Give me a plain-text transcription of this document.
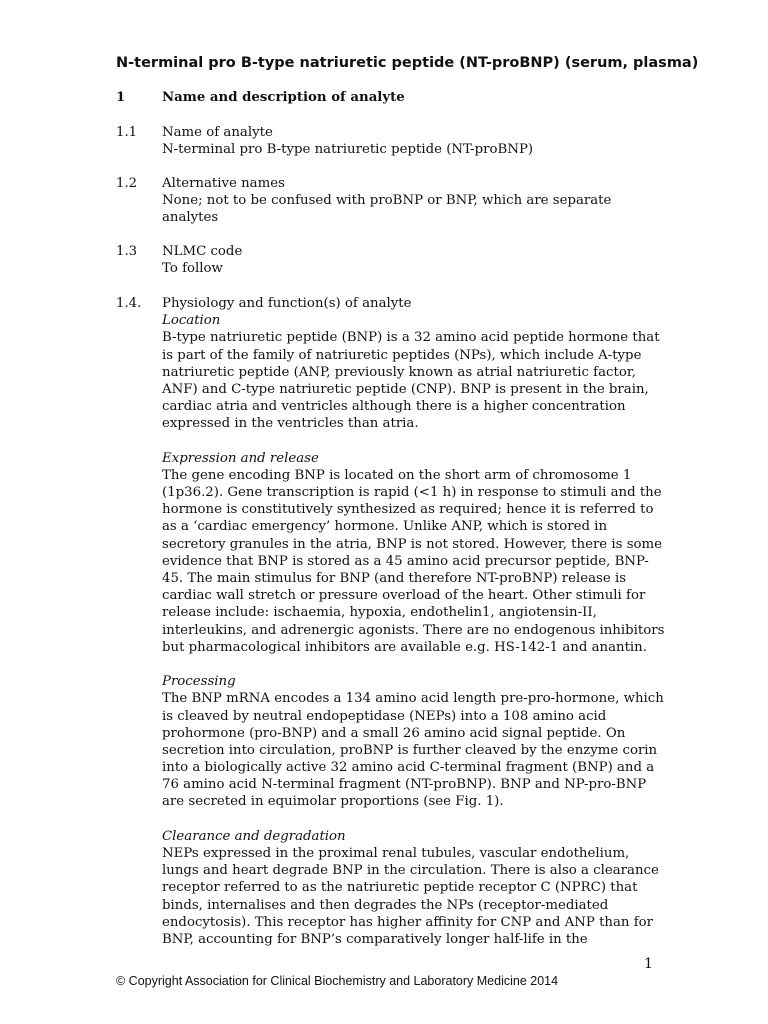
N-terminal pro B-type natriuretic peptide (NT-proBNP) (serum, plasma)
1	Name and description of analyte
1.1	Name of analyte
N-terminal pro B-type natriuretic peptide (NT-proBNP)
1.2	Alternative names
None; not to be confused with proBNP or BNP, which are separate
analytes
1.3	NLMC code
To follow
1.4.	Physiology and function(s) of analyte
Location
B-type natriuretic peptide (BNP) is a 32 amino acid peptide hormone that
is part of the family of natriuretic peptides (NPs), which include A-type
natriuretic peptide (ANP, previously known as atrial natriuretic factor,
ANF) and C-type natriuretic peptide (CNP). BNP is present in the brain,
cardiac atria and ventricles although there is a higher concentration
expressed in the ventricles than atria.
Expression and release
The gene encoding BNP is located on the short arm of chromosome 1
(1p36.2). Gene transcription is rapid (<1 h) in response to stimuli and the
hormone is constitutively synthesized as required; hence it is referred to
as a ‘cardiac emergency’ hormone. Unlike ANP, which is stored in
secretory granules in the atria, BNP is not stored. However, there is some
evidence that BNP is stored as a 45 amino acid precursor peptide, BNP-
45. The main stimulus for BNP (and therefore NT-proBNP) release is
cardiac wall stretch or pressure overload of the heart. Other stimuli for
release include: ischaemia, hypoxia, endothelin1, angiotensin-II,
interleukins, and adrenergic agonists. There are no endogenous inhibitors
but pharmacological inhibitors are available e.g. HS-142-1 and anantin.
Processing
The BNP mRNA encodes a 134 amino acid length pre-pro-hormone, which
is cleaved by neutral endopeptidase (NEPs) into a 108 amino acid
prohormone (pro-BNP) and a small 26 amino acid signal peptide. On
secretion into circulation, proBNP is further cleaved by the enzyme corin
into a biologically active 32 amino acid C-terminal fragment (BNP) and a
76 amino acid N-terminal fragment (NT-proBNP). BNP and NP-pro-BNP
are secreted in equimolar proportions (see Fig. 1).
Clearance and degradation
NEPs expressed in the proximal renal tubules, vascular endothelium,
lungs and heart degrade BNP in the circulation. There is also a clearance
receptor referred to as the natriuretic peptide receptor C (NPRC) that
binds, internalises and then degrades the NPs (receptor-mediated
endocytosis). This receptor has higher affinity for CNP and ANP than for
BNP, accounting for BNP’s comparatively longer half-life in the
1
© Copyright Association for Clinical Biochemistry and Laboratory Medicine 2014
